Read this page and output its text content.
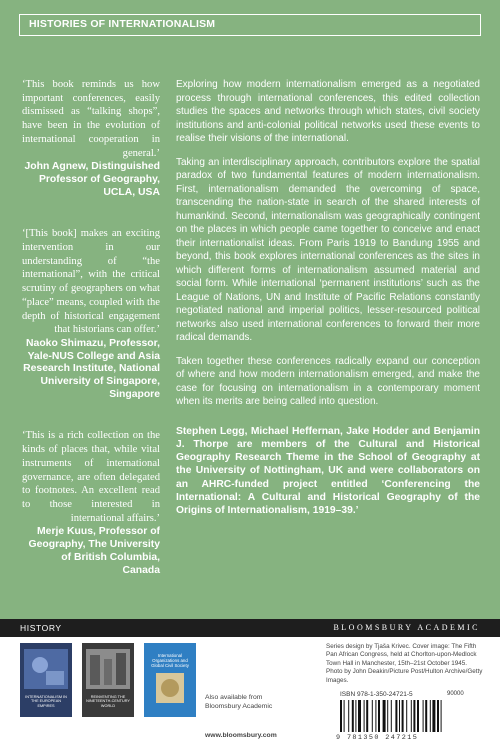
HISTORIES OF INTERNATIONALISM
‘This book reminds us how important conferences, easily dismissed as “talking shops”, have been in the evolution of international cooperation in general.’
John Agnew, Distinguished Professor of Geography, UCLA, USA
‘[This book] makes an exciting intervention in our understanding of “the international”, with the critical scrutiny of geographers on what “place” means, coupled with the depth of historical engagement that historians can offer.’
Naoko Shimazu, Professor, Yale-NUS College and Asia Research Institute, National University of Singapore, Singapore
‘This is a rich collection on the kinds of places that, while vital instruments of international governance, are often delegated to footnotes. An excellent read to those interested in international affairs.’
Merje Kuus, Professor of Geography, The University of British Columbia, Canada

Exploring how modern internationalism emerged as a negotiated process through international conferences, this edited collection studies the spaces and networks through which states, civil society institutions and anti-colonial political networks used these events to realise their visions of the international.

Taking an interdisciplinary approach, contributors explore the spatial paradox of two fundamental features of modern internationalism. First, internationalism demanded the overcoming of space, transcending the nation-state in search of the shared interests of humankind. Second, internationalism was geographically contingent on the places in which people came together to conceive and enact their internationalist ideas. From Paris 1919 to Bandung 1955 and beyond, this book explores international conferences as the sites in which different forms of internationalism assumed material and social form. While international ‘permanent institutions’ such as the League of Nations, UN and Institute of Pacific Relations constantly negotiated national and imperial politics, lesser-resourced political networks also used international conferences to forward their more radical demands.

Taken together these conferences radically expand our conception of where and how modern internationalism emerged, and make the case for focusing on internationalism in a contemporary moment when its merits are being called into question.

Stephen Legg, Michael Heffernan, Jake Hodder and Benjamin J. Thorpe are members of the Cultural and Historical Geography Research Theme in the School of Geography at the University of Nottingham, UK and were collaborators on an AHRC-funded project entitled ‘Conferencing the International: A Cultural and Historical Geography of the Origins of Internationalism, 1919–39.’

HISTORY	BLOOMSBURY ACADEMIC
INTERNATIONALISM IN THE EUROPEAN EMPIRES
REINVENTING THE NINETEENTH-CENTURY WORLD
International Organizations and Global Civil Society
Also available from Bloomsbury Academic
www.bloomsbury.com
Series design by Tjaša Krivec. Cover image: The Fifth Pan African Congress, held at Chorlton-upon-Medlock Town Hall in Manchester, 15th–21st October 1945. Photo by John Deakin/Picture Post/Hulton Archive/Getty Images.
ISBN 978-1-350-24721-5	90000
9 781350 247215
